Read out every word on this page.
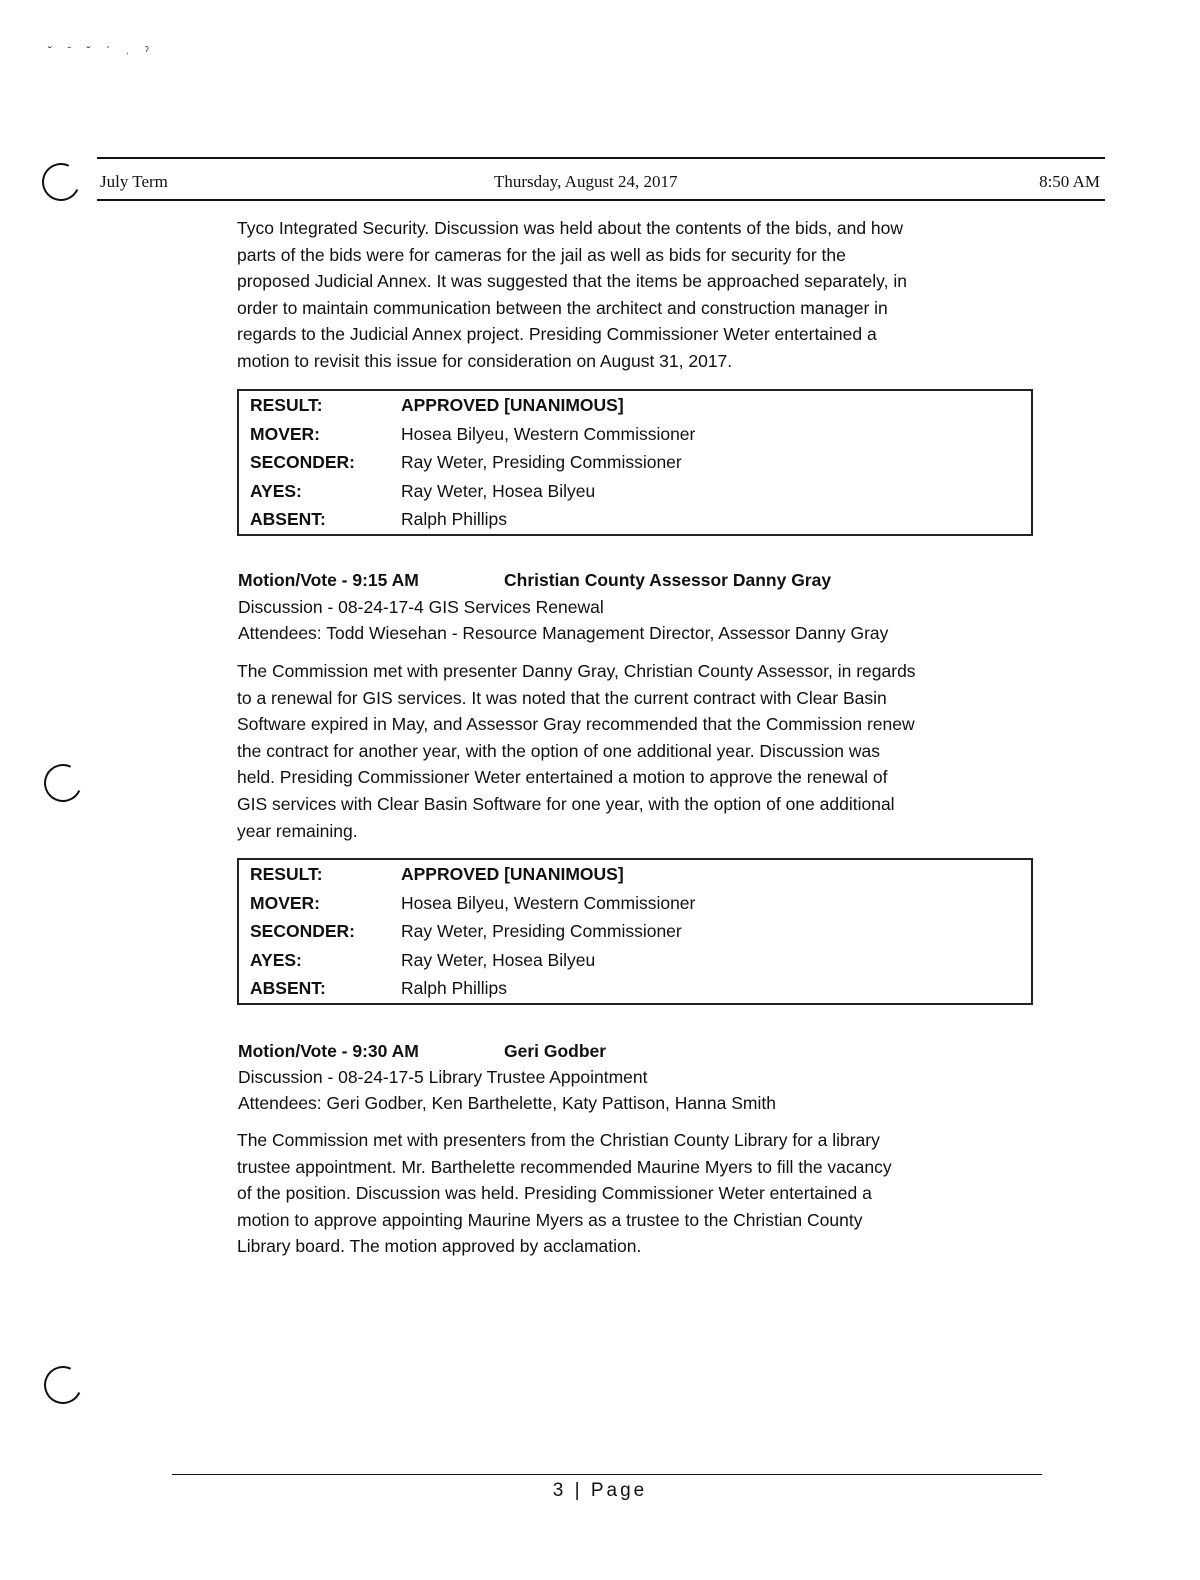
˘ ˉ ˘ ˊ ˒ ˀ
July Term	Thursday, August 24, 2017	8:50 AM
Tyco Integrated Security. Discussion was held about the contents of the bids, and how
parts of the bids were for cameras for the jail as well as bids for security for the
proposed Judicial Annex. It was suggested that the items be approached separately, in
order to maintain communication between the architect and construction manager in
regards to the Judicial Annex project. Presiding Commissioner Weter entertained a
motion to revisit this issue for consideration on August 31, 2017.
RESULT:	APPROVED [UNANIMOUS]
MOVER:	Hosea Bilyeu, Western Commissioner
SECONDER:	Ray Weter, Presiding Commissioner
AYES:	Ray Weter, Hosea Bilyeu
ABSENT:	Ralph Phillips
Motion/Vote - 9:15 AM	Christian County Assessor Danny Gray
Discussion - 08-24-17-4 GIS Services Renewal
Attendees: Todd Wiesehan - Resource Management Director, Assessor Danny Gray
The Commission met with presenter Danny Gray, Christian County Assessor, in regards
to a renewal for GIS services. It was noted that the current contract with Clear Basin
Software expired in May, and Assessor Gray recommended that the Commission renew
the contract for another year, with the option of one additional year. Discussion was
held. Presiding Commissioner Weter entertained a motion to approve the renewal of
GIS services with Clear Basin Software for one year, with the option of one additional
year remaining.
RESULT:	APPROVED [UNANIMOUS]
MOVER:	Hosea Bilyeu, Western Commissioner
SECONDER:	Ray Weter, Presiding Commissioner
AYES:	Ray Weter, Hosea Bilyeu
ABSENT:	Ralph Phillips
Motion/Vote - 9:30 AM	Geri Godber
Discussion - 08-24-17-5 Library Trustee Appointment
Attendees: Geri Godber, Ken Barthelette, Katy Pattison, Hanna Smith
The Commission met with presenters from the Christian County Library for a library
trustee appointment. Mr. Barthelette recommended Maurine Myers to fill the vacancy
of the position. Discussion was held. Presiding Commissioner Weter entertained a
motion to approve appointing Maurine Myers as a trustee to the Christian County
Library board. The motion approved by acclamation.
3 | Page
